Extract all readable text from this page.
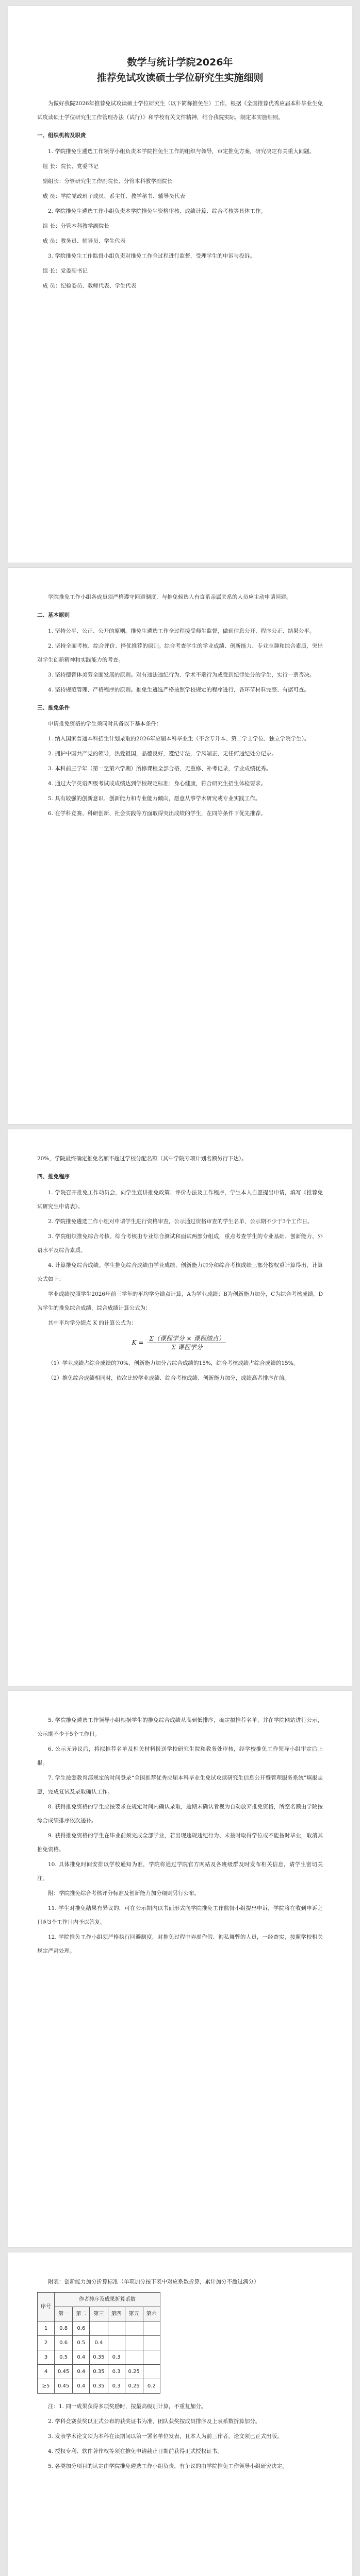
数学与统计学院2026年
推荐免试攻读硕士学位研究生实施细则

为做好我院2026年推荐免试攻读硕士学位研究生（以下简称推免生）工作，根据《全国推荐优秀应届本科毕业生免试攻读硕士学位研究生工作管理办法（试行）》和学校有关文件精神，结合我院实际，制定本实施细则。

一、组织机构及职责

1. 学院推免生遴选工作领导小组负责本学院推免生工作的组织与领导，审定推免方案，研究决定有关重大问题。

组 长：院长、党委书记

副组长：分管研究生工作副院长、分管本科教学副院长

成 员：学院党政班子成员、系主任、教学秘书、辅导员代表

2. 学院推免生遴选工作小组负责本学院推免生资格审核、成绩计算、综合考核等具体工作。

组 长：分管本科教学副院长

成 员：教务员、辅导员、学生代表

3. 学院推免生工作监督小组负责对推免工作全过程进行监督，受理学生的申诉与投诉。

组 长：党委副书记

成 员：纪检委员、教师代表、学生代表

学院推免工作小组各成员须严格遵守回避制度，与推免候选人有直系亲属关系的人员应主动申请回避。

二、基本原则

1. 坚持公平、公正、公开的原则。推免生遴选工作全过程接受师生监督，做到信息公开、程序公正、结果公平。

2. 坚持全面考核、综合评价、择优推荐的原则。综合考查学生的学业成绩、创新能力、专业志趣和综合素质，突出对学生创新精神和实践能力的考查。

3. 坚持德智体美劳全面发展的原则。对有违法违纪行为、学术不端行为或受到纪律处分的学生，实行一票否决。

4. 坚持规范管理、严格程序的原则。推免生遴选严格按照学校规定的程序进行，各环节材料完整、有据可查。

三、推免条件

申请推免资格的学生须同时具备以下基本条件：

1. 纳入国家普通本科招生计划录取的2026年应届本科毕业生（不含专升本、第二学士学位、独立学院学生）。

2. 拥护中国共产党的领导，热爱祖国，品德良好，遵纪守法，学风端正，无任何违纪处分记录。

3. 本科前三学年（第一至第六学期）所修课程全部合格，无重修、补考记录，学业成绩优秀。

4. 通过大学英语四级考试或成绩达到学校规定标准；身心健康，符合研究生招生体检要求。

5. 具有较强的创新意识、创新能力和专业能力倾向，愿意从事学术研究或专业实践工作。

6. 在学科竞赛、科研创新、社会实践等方面取得突出成绩的学生，在同等条件下优先推荐。

20%，学院最终确定推免名额不超过学校分配名额（其中学院专项计划名额另行下达）。

四、推免程序

1. 学院召开推免工作动员会，向学生宣讲推免政策、评价办法及工作程序，学生本人自愿提出申请，填写《推荐免试研究生申请表》。

2. 学院推免遴选工作小组对申请学生进行资格审查，公示通过资格审查的学生名单，公示期不少于3个工作日。

3. 学院组织推免综合考核。综合考核由专业综合测试和面试两部分组成，重点考查学生的专业基础、创新能力、外语水平及综合素质。

4. 计算推免综合成绩。学生推免综合成绩由学业成绩、创新能力加分和综合考核成绩三部分按权重计算得出，计算公式如下：

学业成绩按照学生2026年前三学年的平均学分绩点计算，A为学业成绩；B为创新能力加分，C为综合考核成绩，D为学生的推免综合成绩，综合成绩计算公式为：

其中平均学分绩点 K 的计算公式为：

$K = \frac{\text{Σ（课程学分 × 课程绩点）}}{\text{Σ 课程学分}}$

（1）学业成绩占综合成绩的70%，创新能力加分占综合成绩的15%，综合考核成绩占综合成绩的15%。

（2）推免综合成绩相同时，依次比较学业成绩、综合考核成绩、创新能力加分，成绩高者排序在前。

5. 学院推免遴选工作领导小组根据学生的推免综合成绩从高到低排序，确定拟推荐名单，并在学院网站进行公示，公示期不少于5个工作日。

6. 公示无异议后，将拟推荐名单及相关材料报送学校研究生院和教务处审核，经学校推免工作领导小组审定后上报。

7. 学生按照教育部规定的时间登录“全国推荐优秀应届本科毕业生免试攻读研究生信息公开暨管理服务系统”填报志愿，完成复试及录取确认工作。

8. 获得推免资格的学生应按要求在规定时间内确认录取，逾期未确认者视为自动放弃推免资格，所空名额由学院按综合成绩排序依次递补。

9. 获得推免资格的学生在毕业前须完成全部学业，若出现违规违纪行为、未按时取得学位或不能按时毕业，取消其推免资格。

10. 具体推免时间安排以学校通知为准，学院将通过学院官方网站及各班级群及时发布相关信息，请学生密切关注。

附：学院推免综合考核评分标准及创新能力加分细则另行公布。

11. 学生对推免结果有异议的，可在公示期内以书面形式向学院推免工作监督小组提出申诉，学院将在收到申诉之日起3个工作日内予以答复。

12. 学院推免工作小组须严格执行回避制度，对推免过程中弄虚作假、徇私舞弊的人员，一经查实，按照学校相关规定严肃处理。

附表：创新能力加分折算标准（单项加分按下表中对应系数折算，累计加分不超过满分）

序号	作者排序及成果折算系数					
	第一	第二	第三	第四	第五	第六
1	0.8	0.6				
2	0.6	0.5	0.4			
3	0.5	0.4	0.35	0.3		
4	0.45	0.4	0.35	0.3	0.25	
≥5	0.45	0.4	0.35	0.3	0.25	0.2

注：1. 同一成果获得多项奖励时，按最高级别计算，不重复加分。

2. 学科竞赛获奖以正式公布的获奖证书为准，团队获奖按成员排序及上表系数折算加分。

3. 发表学术论文须为本科在读期间以第一署名单位发表，且本人为前三作者，论文须已正式出版。

4. 授权专利、软件著作权等须在推免申请截止日期前获得正式授权证书。

5. 各类加分项目的认定由学院推免遴选工作小组负责，有争议的由学院推免工作领导小组研究决定。
